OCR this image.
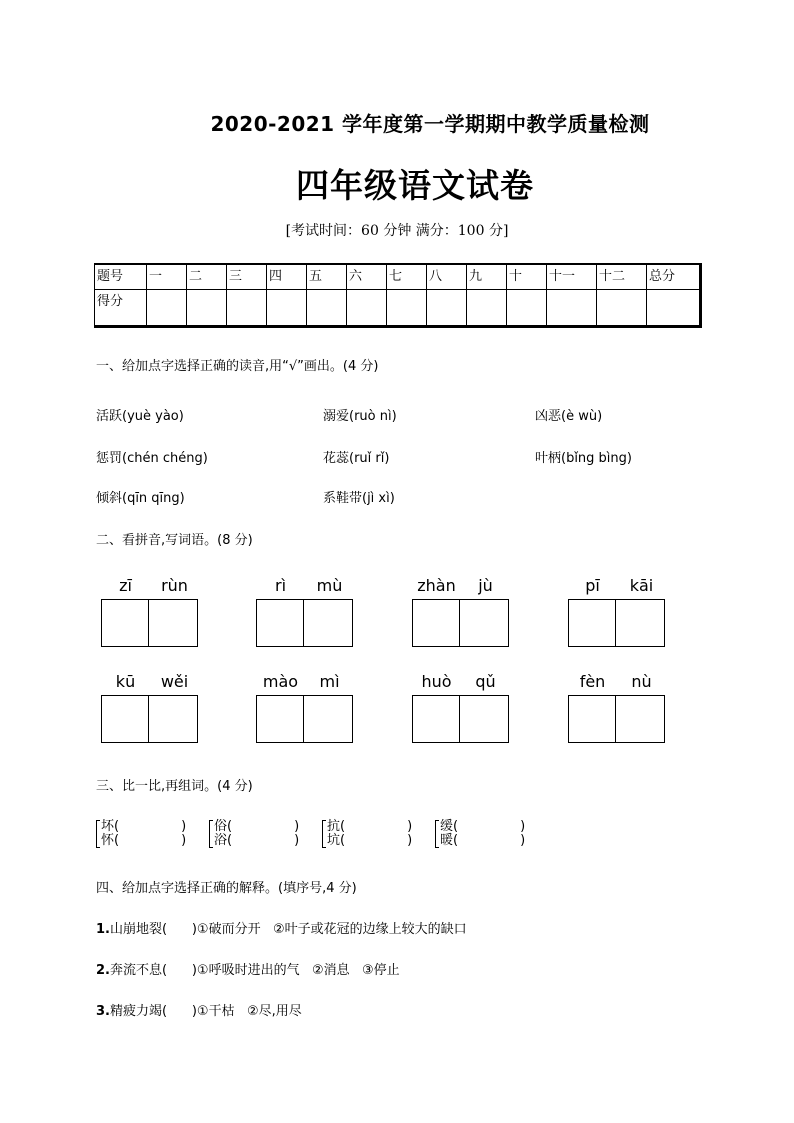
2020-2021 学年度第一学期期中教学质量检测
四年级语文试卷
[考试时间：60 分钟 满分：100 分]
题号	一	二	三	四	五	六	七	八	九	十	十一	十二	总分
得分													
一、给加点字选择正确的读音,用“√”画出。(4 分)
活跃(yuè yào)	溺爱(ruò nì)	凶恶(è wù)
惩罚(chén chéng)	花蕊(ruǐ rǐ)	叶柄(bǐng bìng)
倾斜(qīn qīng)	系鞋带(jì xì)
二、看拼音,写词语。(8 分)
zī	rùn	rì	mù	zhàn	jù	pī	kāi
kū	wěi	mào	mì	huò	qǔ	fèn	nù
三、比一比,再组词。(4 分)
坏(	)
怀(	)
俗(	)
浴(	)
抗(	)
坑(	)
缓(	)
暖(	)
四、给加点字选择正确的解释。(填序号,4 分)
1.山崩地裂(      )①破而分开   ②叶子或花冠的边缘上较大的缺口
2.奔流不息(      )①呼吸时进出的气   ②消息   ③停止
3.精疲力竭(      )①干枯   ②尽,用尽
